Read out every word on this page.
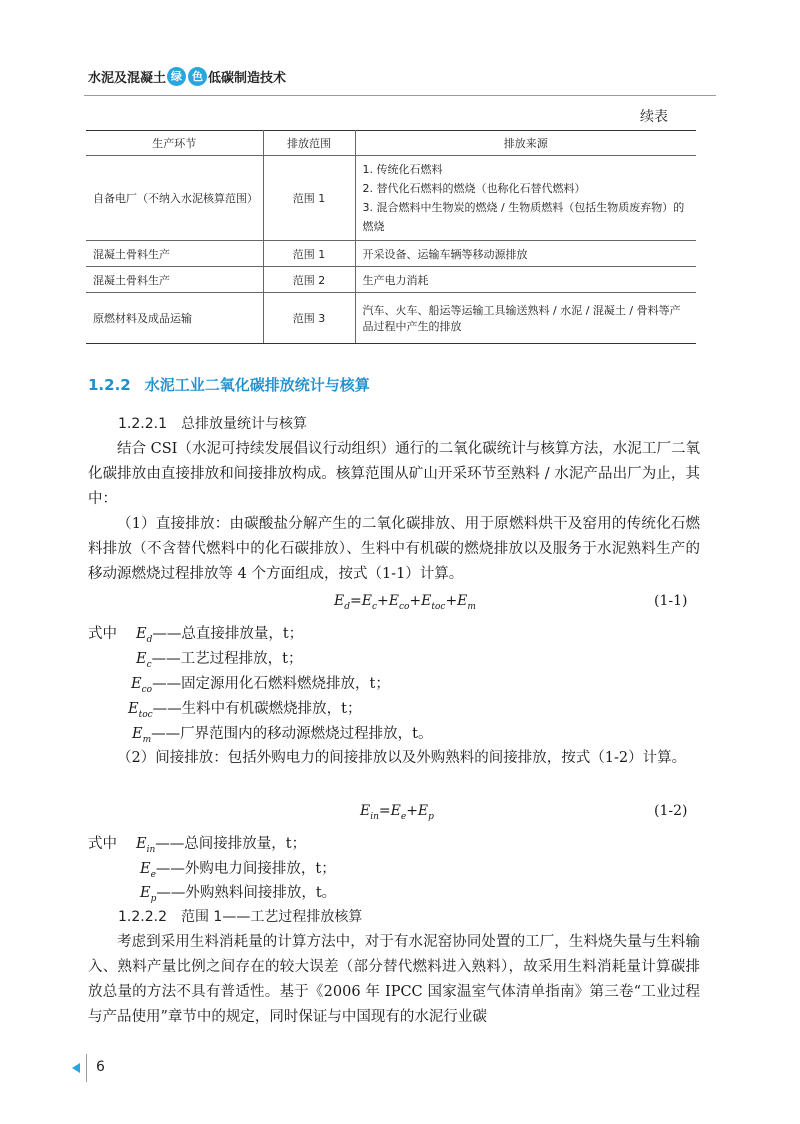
水泥及混凝土 绿 色 低碳制造技术
续表
生产环节	排放范围	排放来源
自备电厂（不纳入水泥核算范围）	范围 1	1. 传统化石燃料
2. 替代化石燃料的燃烧（也称化石替代燃料）
3. 混合燃料中生物炭的燃烧 / 生物质燃料（包括生物质废弃物）的燃烧

混凝土骨料生产	范围 1	开采设备、运输车辆等移动源排放
混凝土骨料生产	范围 2	生产电力消耗
原燃材料及成品运输	范围 3	汽车、火车、船运等运输工具输送熟料 / 水泥 / 混凝土 / 骨料等产品过程中产生的排放
1.2.2 水泥工业二氧化碳排放统计与核算
1.2.2.1 总排放量统计与核算

结合 CSI（水泥可持续发展倡议行动组织）通行的二氧化碳统计与核算方法，水泥工厂二氧化碳排放由直接排放和间接排放构成。核算范围从矿山开采环节至熟料 / 水泥产品出厂为止，其中：

（1）直接排放：由碳酸盐分解产生的二氧化碳排放、用于原燃料烘干及窑用的传统化石燃料排放（不含替代燃料中的化石碳排放）、生料中有机碳的燃烧排放以及服务于水泥熟料生产的移动源燃烧过程排放等 4 个方面组成，按式（1-1）计算。

$E_d=E_c+E_{co}+E_{toc}+E_m$	(1-1)
式中 $E_d——$总直接排放量，t；
$E_c——$工艺过程排放，t；
$E_{co}——$固定源用化石燃料燃烧排放，t；
$E_{toc}——$生料中有机碳燃烧排放，t；
$E_m——$厂界范围内的移动源燃烧过程排放，t。

（2）间接排放：包括外购电力的间接排放以及外购熟料的间接排放，按式（1-2）计算。

$E_{in}=E_e+E_p$	(1-2)
式中 $E_{in}——$总间接排放量，t；
$E_e——$外购电力间接排放，t；
$E_p——$外购熟料间接排放，t。
1.2.2.2 范围 1——工艺过程排放核算

考虑到采用生料消耗量的计算方法中，对于有水泥窑协同处置的工厂，生料烧失量与生料输入、熟料产量比例之间存在的较大误差（部分替代燃料进入熟料），故采用生料消耗量计算碳排放总量的方法不具有普适性。基于《2006 年 IPCC 国家温室气体清单指南》第三卷“工业过程与产品使用”章节中的规定，同时保证与中国现有的水泥行业碳

6
